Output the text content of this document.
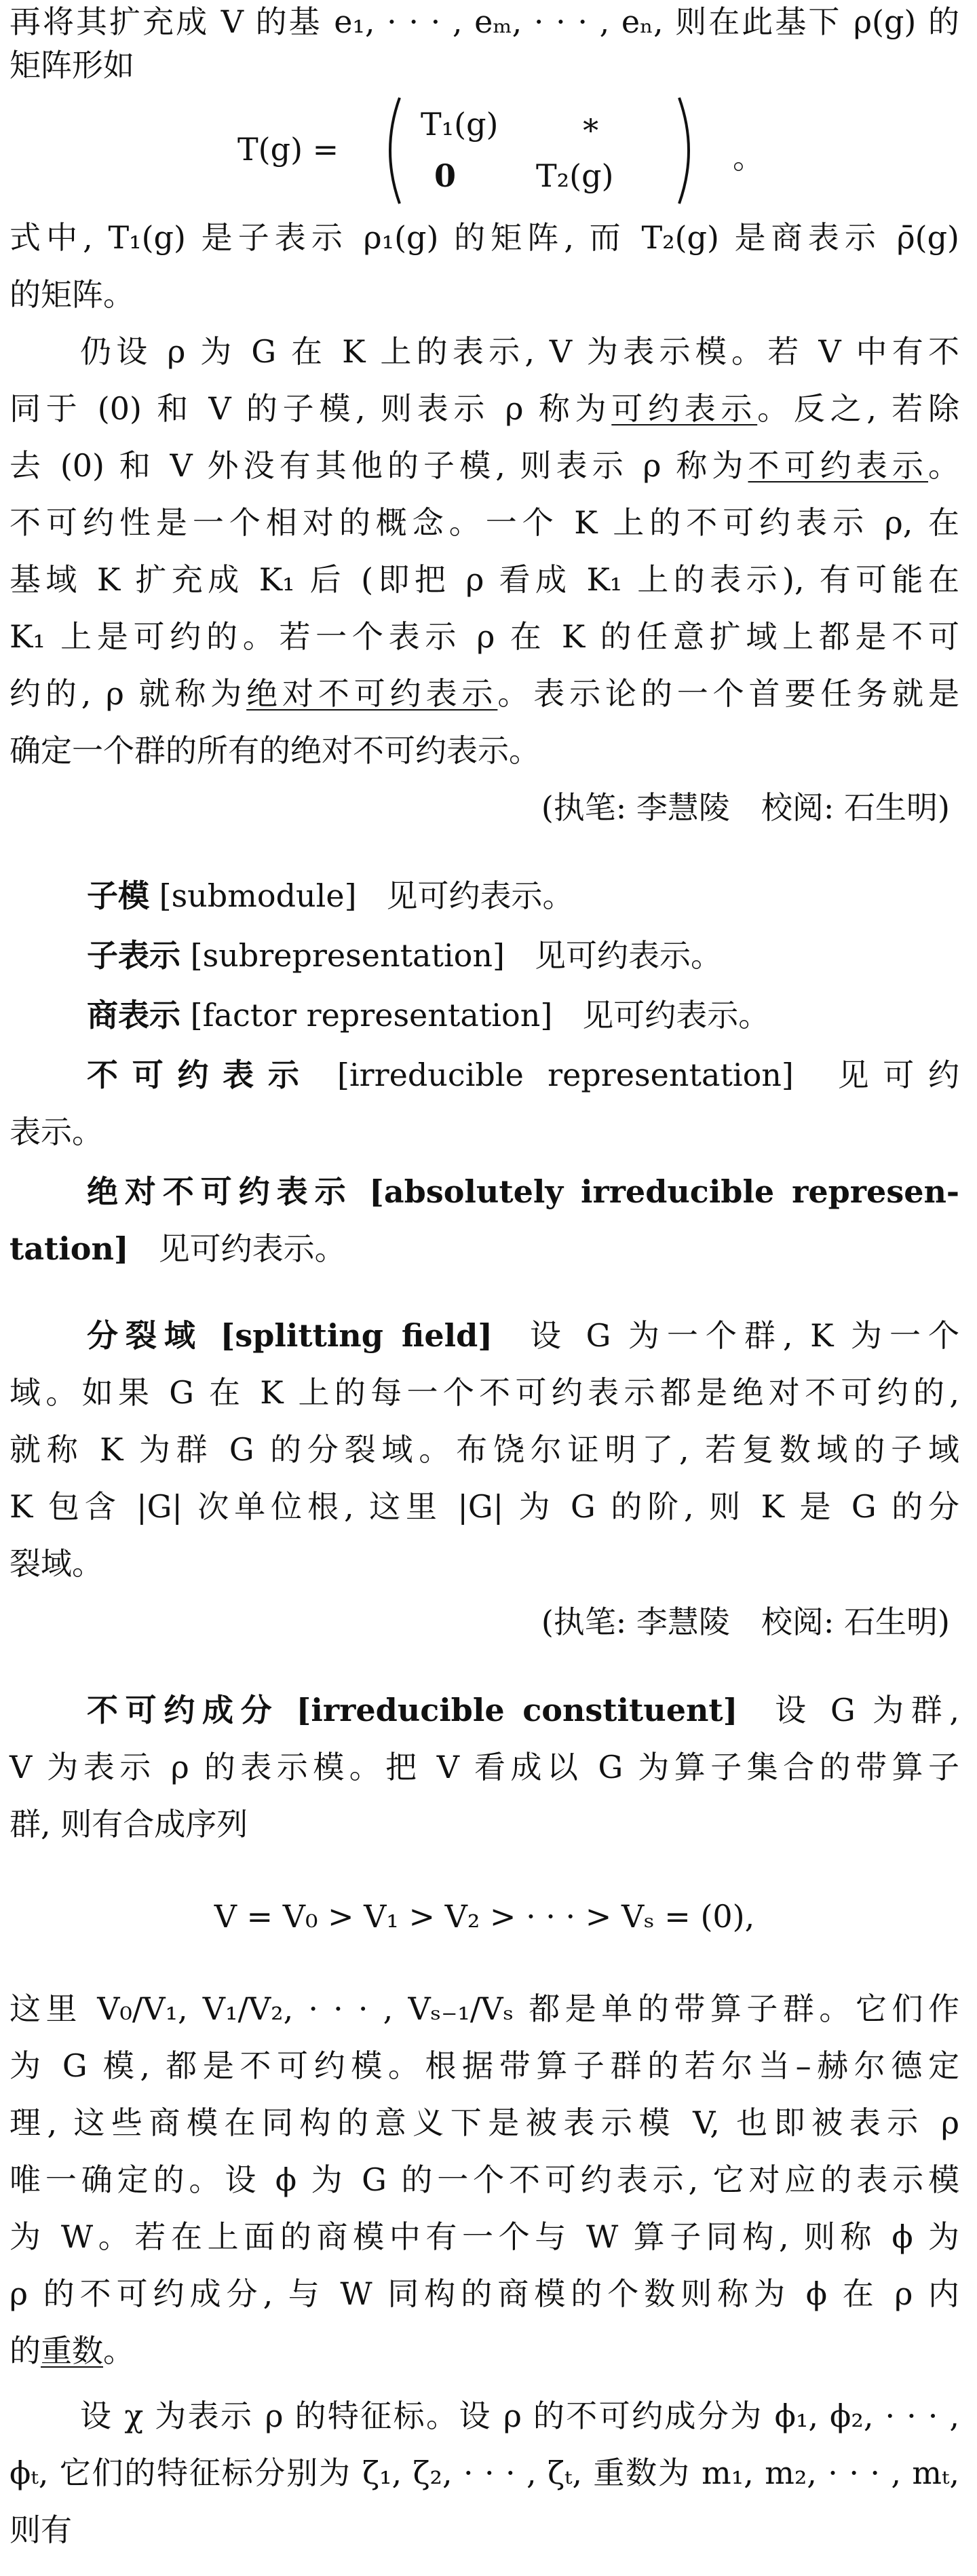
再将其扩充成 V 的基 e₁, · · · , eₘ, · · · , eₙ, 则在此基下 ρ(g) 的
矩阵形如
T(g) =
T₁(g)	∗
0	T₂(g)	。
式中, T₁(g) 是子表示 ρ₁(g) 的矩阵, 而 T₂(g) 是商表示 ρ̄(g)
的矩阵。
仍设 ρ 为 G 在 K 上的表示, V 为表示模。若 V 中有不
同于 (0) 和 V 的子模, 则表示 ρ 称为可约表示。反之, 若除
去 (0) 和 V 外没有其他的子模, 则表示 ρ 称为不可约表示。
不可约性是一个相对的概念。一个 K 上的不可约表示 ρ, 在
基域 K 扩充成 K₁ 后 (即把 ρ 看成 K₁ 上的表示), 有可能在
K₁ 上是可约的。若一个表示 ρ 在 K 的任意扩域上都是不可
约的, ρ 就称为绝对不可约表示。表示论的一个首要任务就是
确定一个群的所有的绝对不可约表示。
(执笔: 李慧陵　校阅: 石生明)
子模 [submodule] 见可约表示。
子表示 [subrepresentation] 见可约表示。
商表示 [factor representation] 见可约表示。
不可约表示 [irreducible representation] 见可约
表示。
绝对不可约表示 [absolutely irreducible represen-
tation] 见可约表示。
分裂域 [splitting field] 设 G 为一个群, K 为一个
域。如果 G 在 K 上的每一个不可约表示都是绝对不可约的,
就称 K 为群 G 的分裂域。布饶尔证明了, 若复数域的子域
K 包含 |G| 次单位根, 这里 |G| 为 G 的阶, 则 K 是 G 的分
裂域。
(执笔: 李慧陵　校阅: 石生明)
不可约成分 [irreducible constituent] 设 G 为群,
V 为表示 ρ 的表示模。把 V 看成以 G 为算子集合的带算子
群, 则有合成序列
V = V₀ > V₁ > V₂ > · · · > Vₛ = (0),
这里 V₀/V₁, V₁/V₂, · · · , Vₛ₋₁/Vₛ 都是单的带算子群。它们作
为 G 模, 都是不可约模。根据带算子群的若尔当–赫尔德定
理, 这些商模在同构的意义下是被表示模 V, 也即被表示 ρ
唯一确定的。设 ϕ 为 G 的一个不可约表示, 它对应的表示模
为 W。若在上面的商模中有一个与 W 算子同构, 则称 ϕ 为
ρ 的不可约成分, 与 W 同构的商模的个数则称为 ϕ 在 ρ 内
的重数。
设 χ 为表示 ρ 的特征标。设 ρ 的不可约成分为 ϕ₁, ϕ₂, · · · ,
ϕₜ, 它们的特征标分别为 ζ₁, ζ₂, · · · , ζₜ, 重数为 m₁, m₂, · · · , mₜ,
则有
